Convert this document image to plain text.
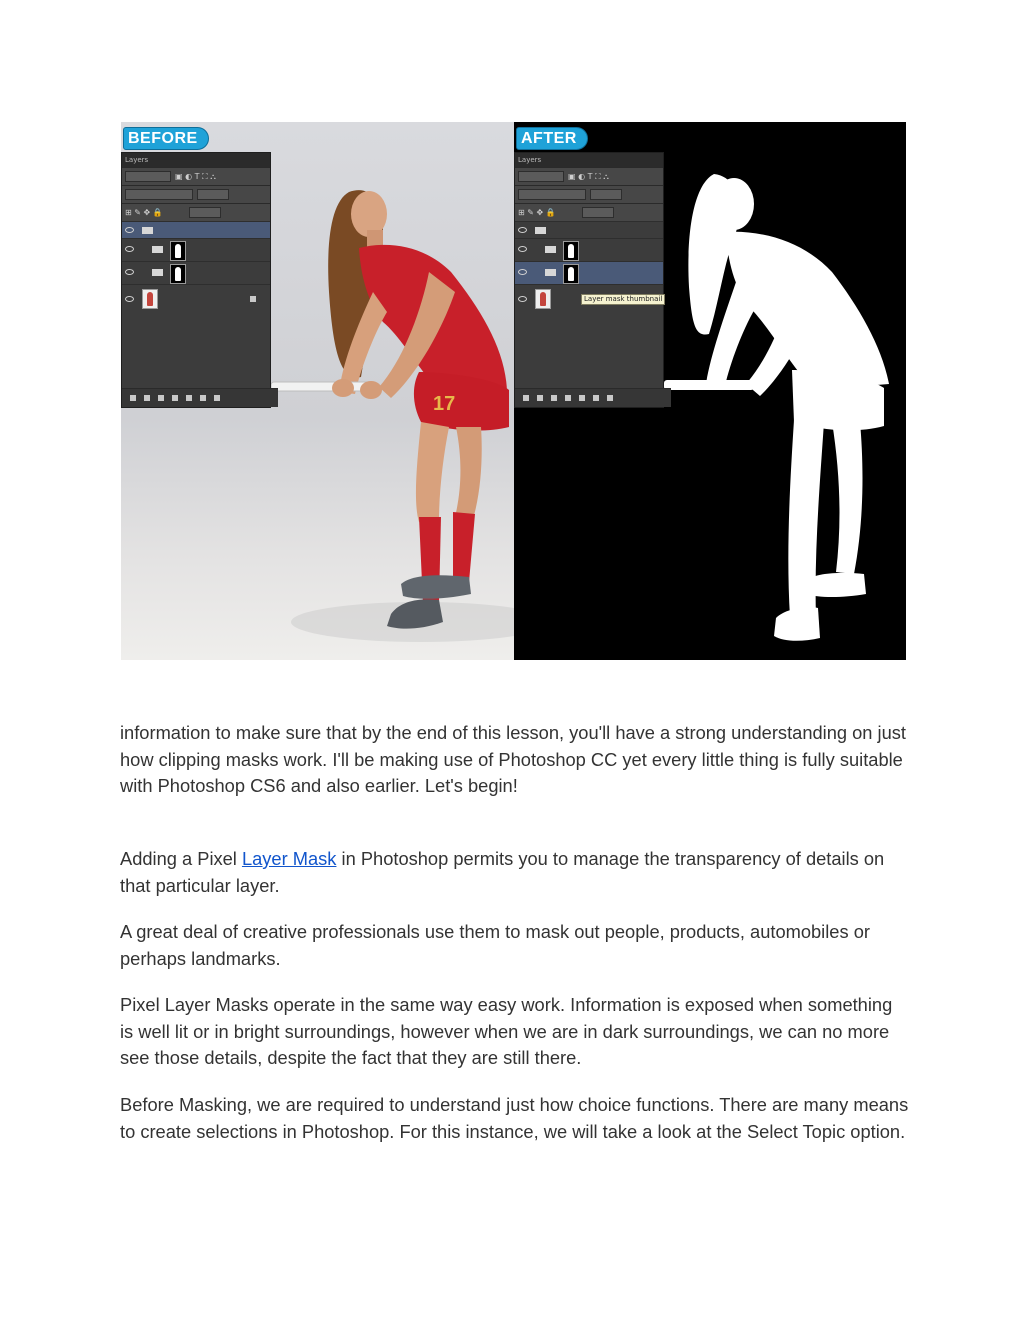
17
BEFORE
Layers
▣ ◐ T ⛶ ⛬
⊞ ✎ ✥ 🔒
AFTER
Layers
▣ ◐ T ⛶ ⛬
⊞ ✎ ✥ 🔒
Layer mask thumbnail

information to make sure that by the end of this lesson, you'll have a strong understanding on just how clipping masks work. I'll be making use of Photoshop CC yet every little thing is fully suitable with Photoshop CS6 and also earlier. Let's begin!

Adding a Pixel Layer Mask in Photoshop permits you to manage the transparency of details on that particular layer.

A great deal of creative professionals use them to mask out people, products, automobiles or perhaps landmarks.

Pixel Layer Masks operate in the same way easy work. Information is exposed when something is well lit or in bright surroundings, however when we are in dark surroundings, we can no more see those details, despite the fact that they are still there.

Before Masking, we are required to understand just how choice functions. There are many means to create selections in Photoshop. For this instance, we will take a look at the Select Topic option.
